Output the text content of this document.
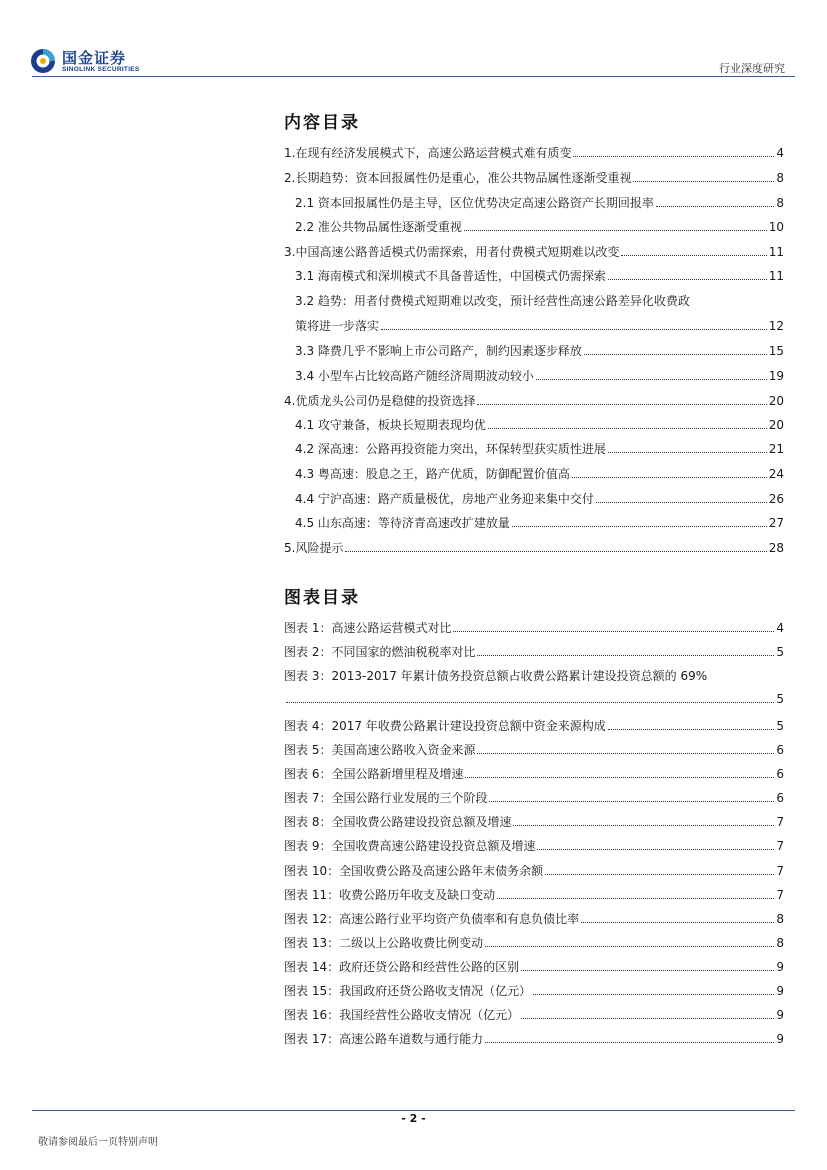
国金证券
SINOLINK SECURITIES	行业深度研究
内容目录
1.在现有经济发展模式下，高速公路运营模式难有质变	4
2.长期趋势：资本回报属性仍是重心，准公共物品属性逐渐受重视	8
2.1 资本回报属性仍是主导，区位优势决定高速公路资产长期回报率	8
2.2 准公共物品属性逐渐受重视	10
3.中国高速公路普适模式仍需探索，用者付费模式短期难以改变	11
3.1 海南模式和深圳模式不具备普适性，中国模式仍需探索	11
3.2 趋势：用者付费模式短期难以改变，预计经营性高速公路差异化收费政
策将进一步落实	12
3.3 降费几乎不影响上市公司路产，制约因素逐步释放	15
3.4 小型车占比较高路产随经济周期波动较小	19
4.优质龙头公司仍是稳健的投资选择	20
4.1 攻守兼备，板块长短期表现均优	20
4.2 深高速：公路再投资能力突出，环保转型获实质性进展	21
4.3 粤高速：股息之王，路产优质，防御配置价值高	24
4.4 宁沪高速：路产质量极优，房地产业务迎来集中交付	26
4.5 山东高速：等待济青高速改扩建放量	27
5.风险提示	28
图表目录
图表 1：高速公路运营模式对比	4
图表 2：不同国家的燃油税税率对比	5
图表 3：2013-2017 年累计债务投资总额占收费公路累计建设投资总额的 69%
5
图表 4：2017 年收费公路累计建设投资总额中资金来源构成	5
图表 5：美国高速公路收入资金来源	6
图表 6：全国公路新增里程及增速	6
图表 7：全国公路行业发展的三个阶段	6
图表 8：全国收费公路建设投资总额及增速	7
图表 9：全国收费高速公路建设投资总额及增速	7
图表 10：全国收费公路及高速公路年末债务余额	7
图表 11：收费公路历年收支及缺口变动	7
图表 12：高速公路行业平均资产负债率和有息负债比率	8
图表 13：二级以上公路收费比例变动	8
图表 14：政府还贷公路和经营性公路的区别	9
图表 15：我国政府还贷公路收支情况（亿元）	9
图表 16：我国经营性公路收支情况（亿元）	9
图表 17：高速公路车道数与通行能力	9
- 2 -
敬请参阅最后一页特别声明
